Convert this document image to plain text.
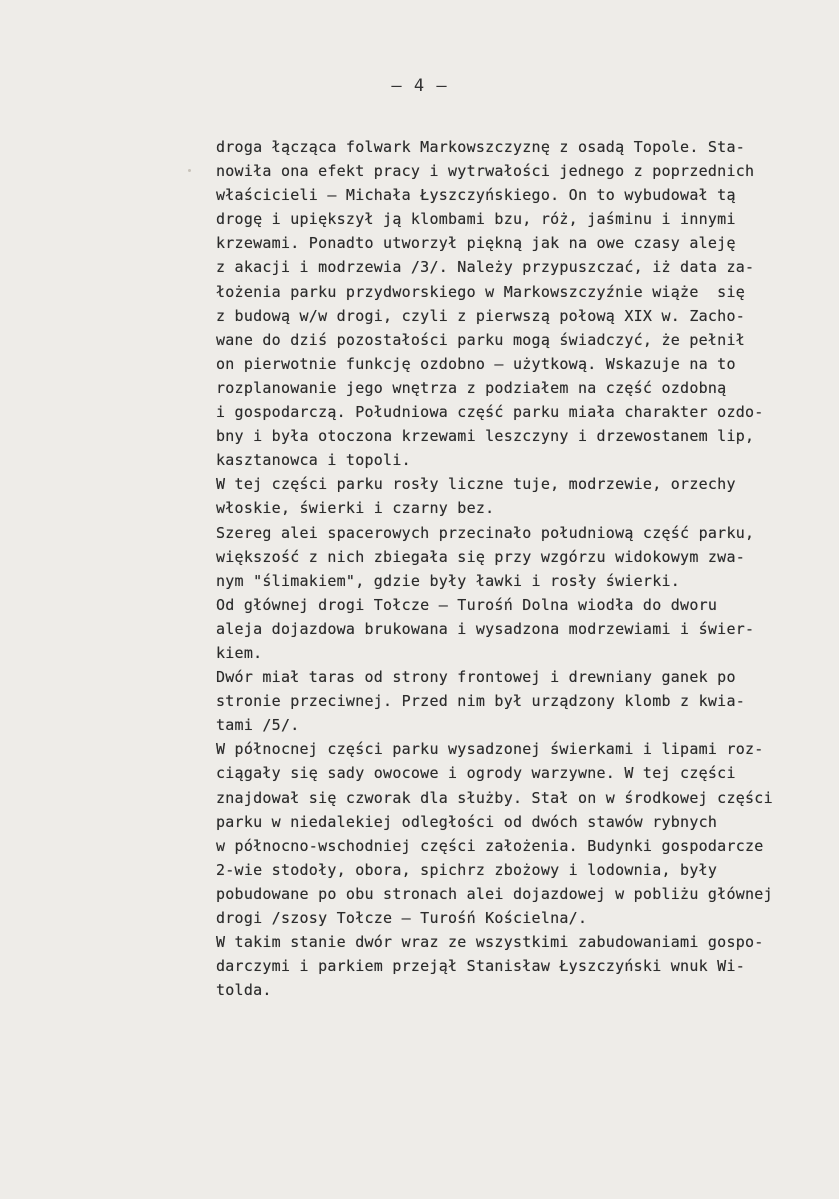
– 4 –
droga łącząca folwark Markowszczyznę z osadą Topole. Sta-
nowiła ona efekt pracy i wytrwałości jednego z poprzednich
właścicieli – Michała Łyszczyńskiego. On to wybudował tą
drogę i upiększył ją klombami bzu, róż, jaśminu i innymi
krzewami. Ponadto utworzył piękną jak na owe czasy aleję
z akacji i modrzewia /3/. Należy przypuszczać, iż data za-
łożenia parku przydworskiego w Markowszczyźnie wiąże  się
z budową w/w drogi, czyli z pierwszą połową XIX w. Zacho-
wane do dziś pozostałości parku mogą świadczyć, że pełnił
on pierwotnie funkcję ozdobno – użytkową. Wskazuje na to
rozplanowanie jego wnętrza z podziałem na część ozdobną
i gospodarczą. Południowa część parku miała charakter ozdo-
bny i była otoczona krzewami leszczyny i drzewostanem lip,
kasztanowca i topoli.
W tej części parku rosły liczne tuje, modrzewie, orzechy
włoskie, świerki i czarny bez.
Szereg alei spacerowych przecinało południową część parku,
większość z nich zbiegała się przy wzgórzu widokowym zwa-
nym "ślimakiem", gdzie były ławki i rosły świerki.
Od głównej drogi Tołcze – Turośń Dolna wiodła do dworu
aleja dojazdowa brukowana i wysadzona modrzewiami i świer-
kiem.
Dwór miał taras od strony frontowej i drewniany ganek po
stronie przeciwnej. Przed nim był urządzony klomb z kwia-
tami /5/.
W północnej części parku wysadzonej świerkami i lipami roz-
ciągały się sady owocowe i ogrody warzywne. W tej części
znajdował się czworak dla służby. Stał on w środkowej części
parku w niedalekiej odległości od dwóch stawów rybnych
w północno-wschodniej części założenia. Budynki gospodarcze
2-wie stodoły, obora, spichrz zbożowy i lodownia, były
pobudowane po obu stronach alei dojazdowej w pobliżu głównej
drogi /szosy Tołcze – Turośń Kościelna/.
W takim stanie dwór wraz ze wszystkimi zabudowaniami gospo-
darczymi i parkiem przejął Stanisław Łyszczyński wnuk Wi-
tolda.
